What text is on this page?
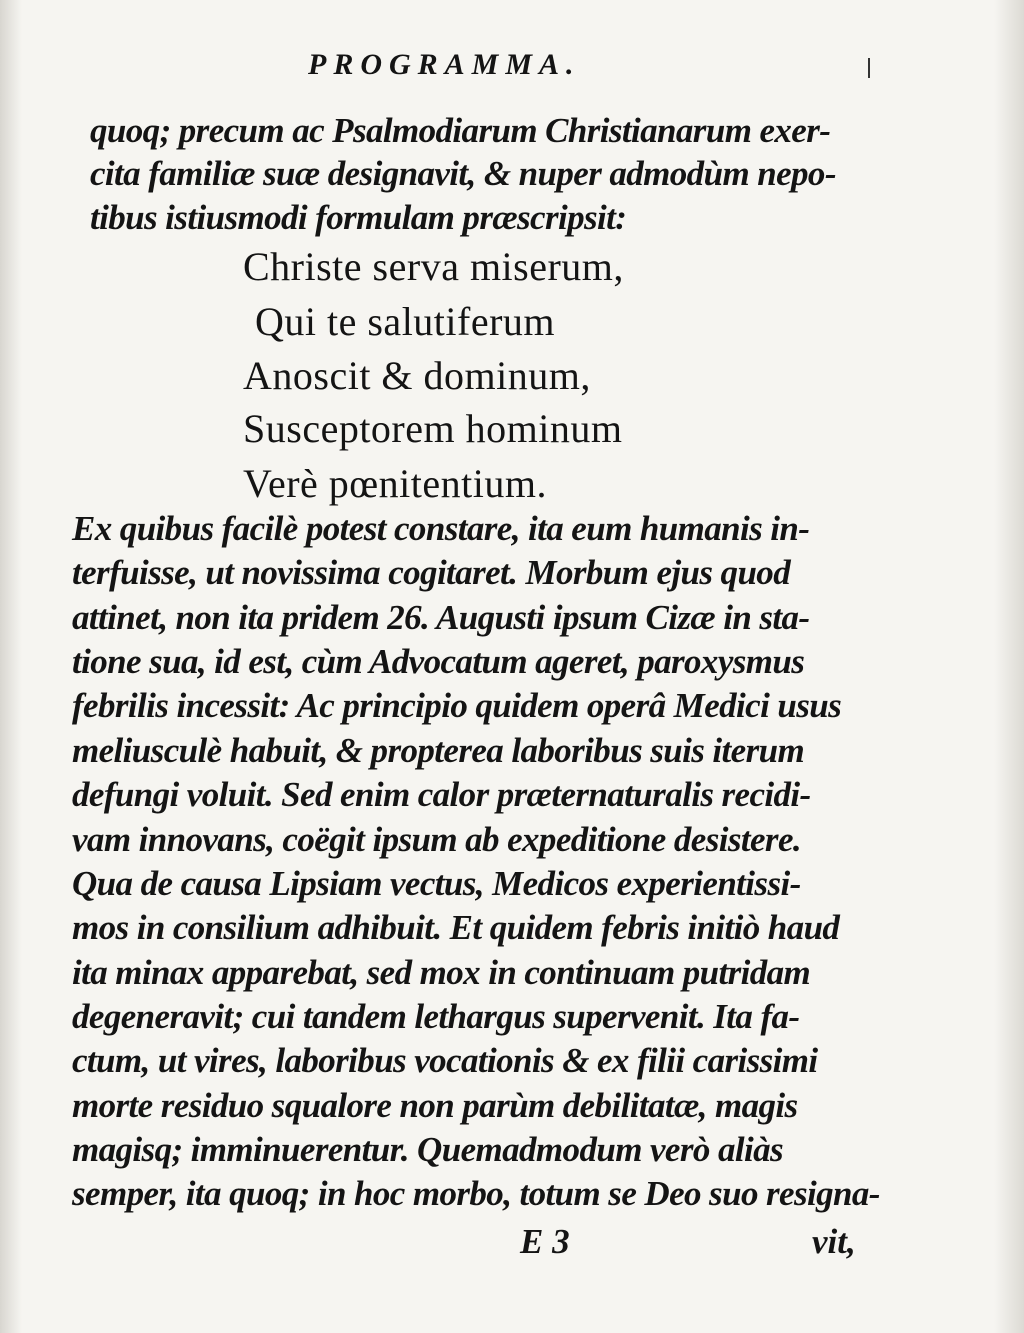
PROGRAMMA.
quoq; precum ac Psalmodiarum Christianarum exer-
cita familiæ suæ designavit, & nuper admodùm nepo-
tibus istiusmodi formulam præscripsit:
Christe serva miserum,
Qui te salutiferum
Anoscit & dominum,
Susceptorem hominum
Verè pœnitentium.
Ex quibus facilè potest constare, ita eum humanis in-
terfuisse, ut novissima cogitaret. Morbum ejus quod
attinet, non ita pridem 26. Augusti ipsum Cizæ in sta-
tione sua, id est, cùm Advocatum ageret, paroxysmus
febrilis incessit: Ac principio quidem operâ Medici usus
meliusculè habuit, & propterea laboribus suis iterum
defungi voluit. Sed enim calor præternaturalis recidi-
vam innovans, coëgit ipsum ab expeditione desistere.
Qua de causa Lipsiam vectus, Medicos experientissi-
mos in consilium adhibuit. Et quidem febris initiò haud
ita minax apparebat, sed mox in continuam putridam
degeneravit; cui tandem lethargus supervenit. Ita fa-
ctum, ut vires, laboribus vocationis & ex filii carissimi
morte residuo squalore non parùm debilitatæ, magis
magisq; imminuerentur. Quemadmodum verò aliàs
semper, ita quoq; in hoc morbo, totum se Deo suo resigna-
E 3	vit,
